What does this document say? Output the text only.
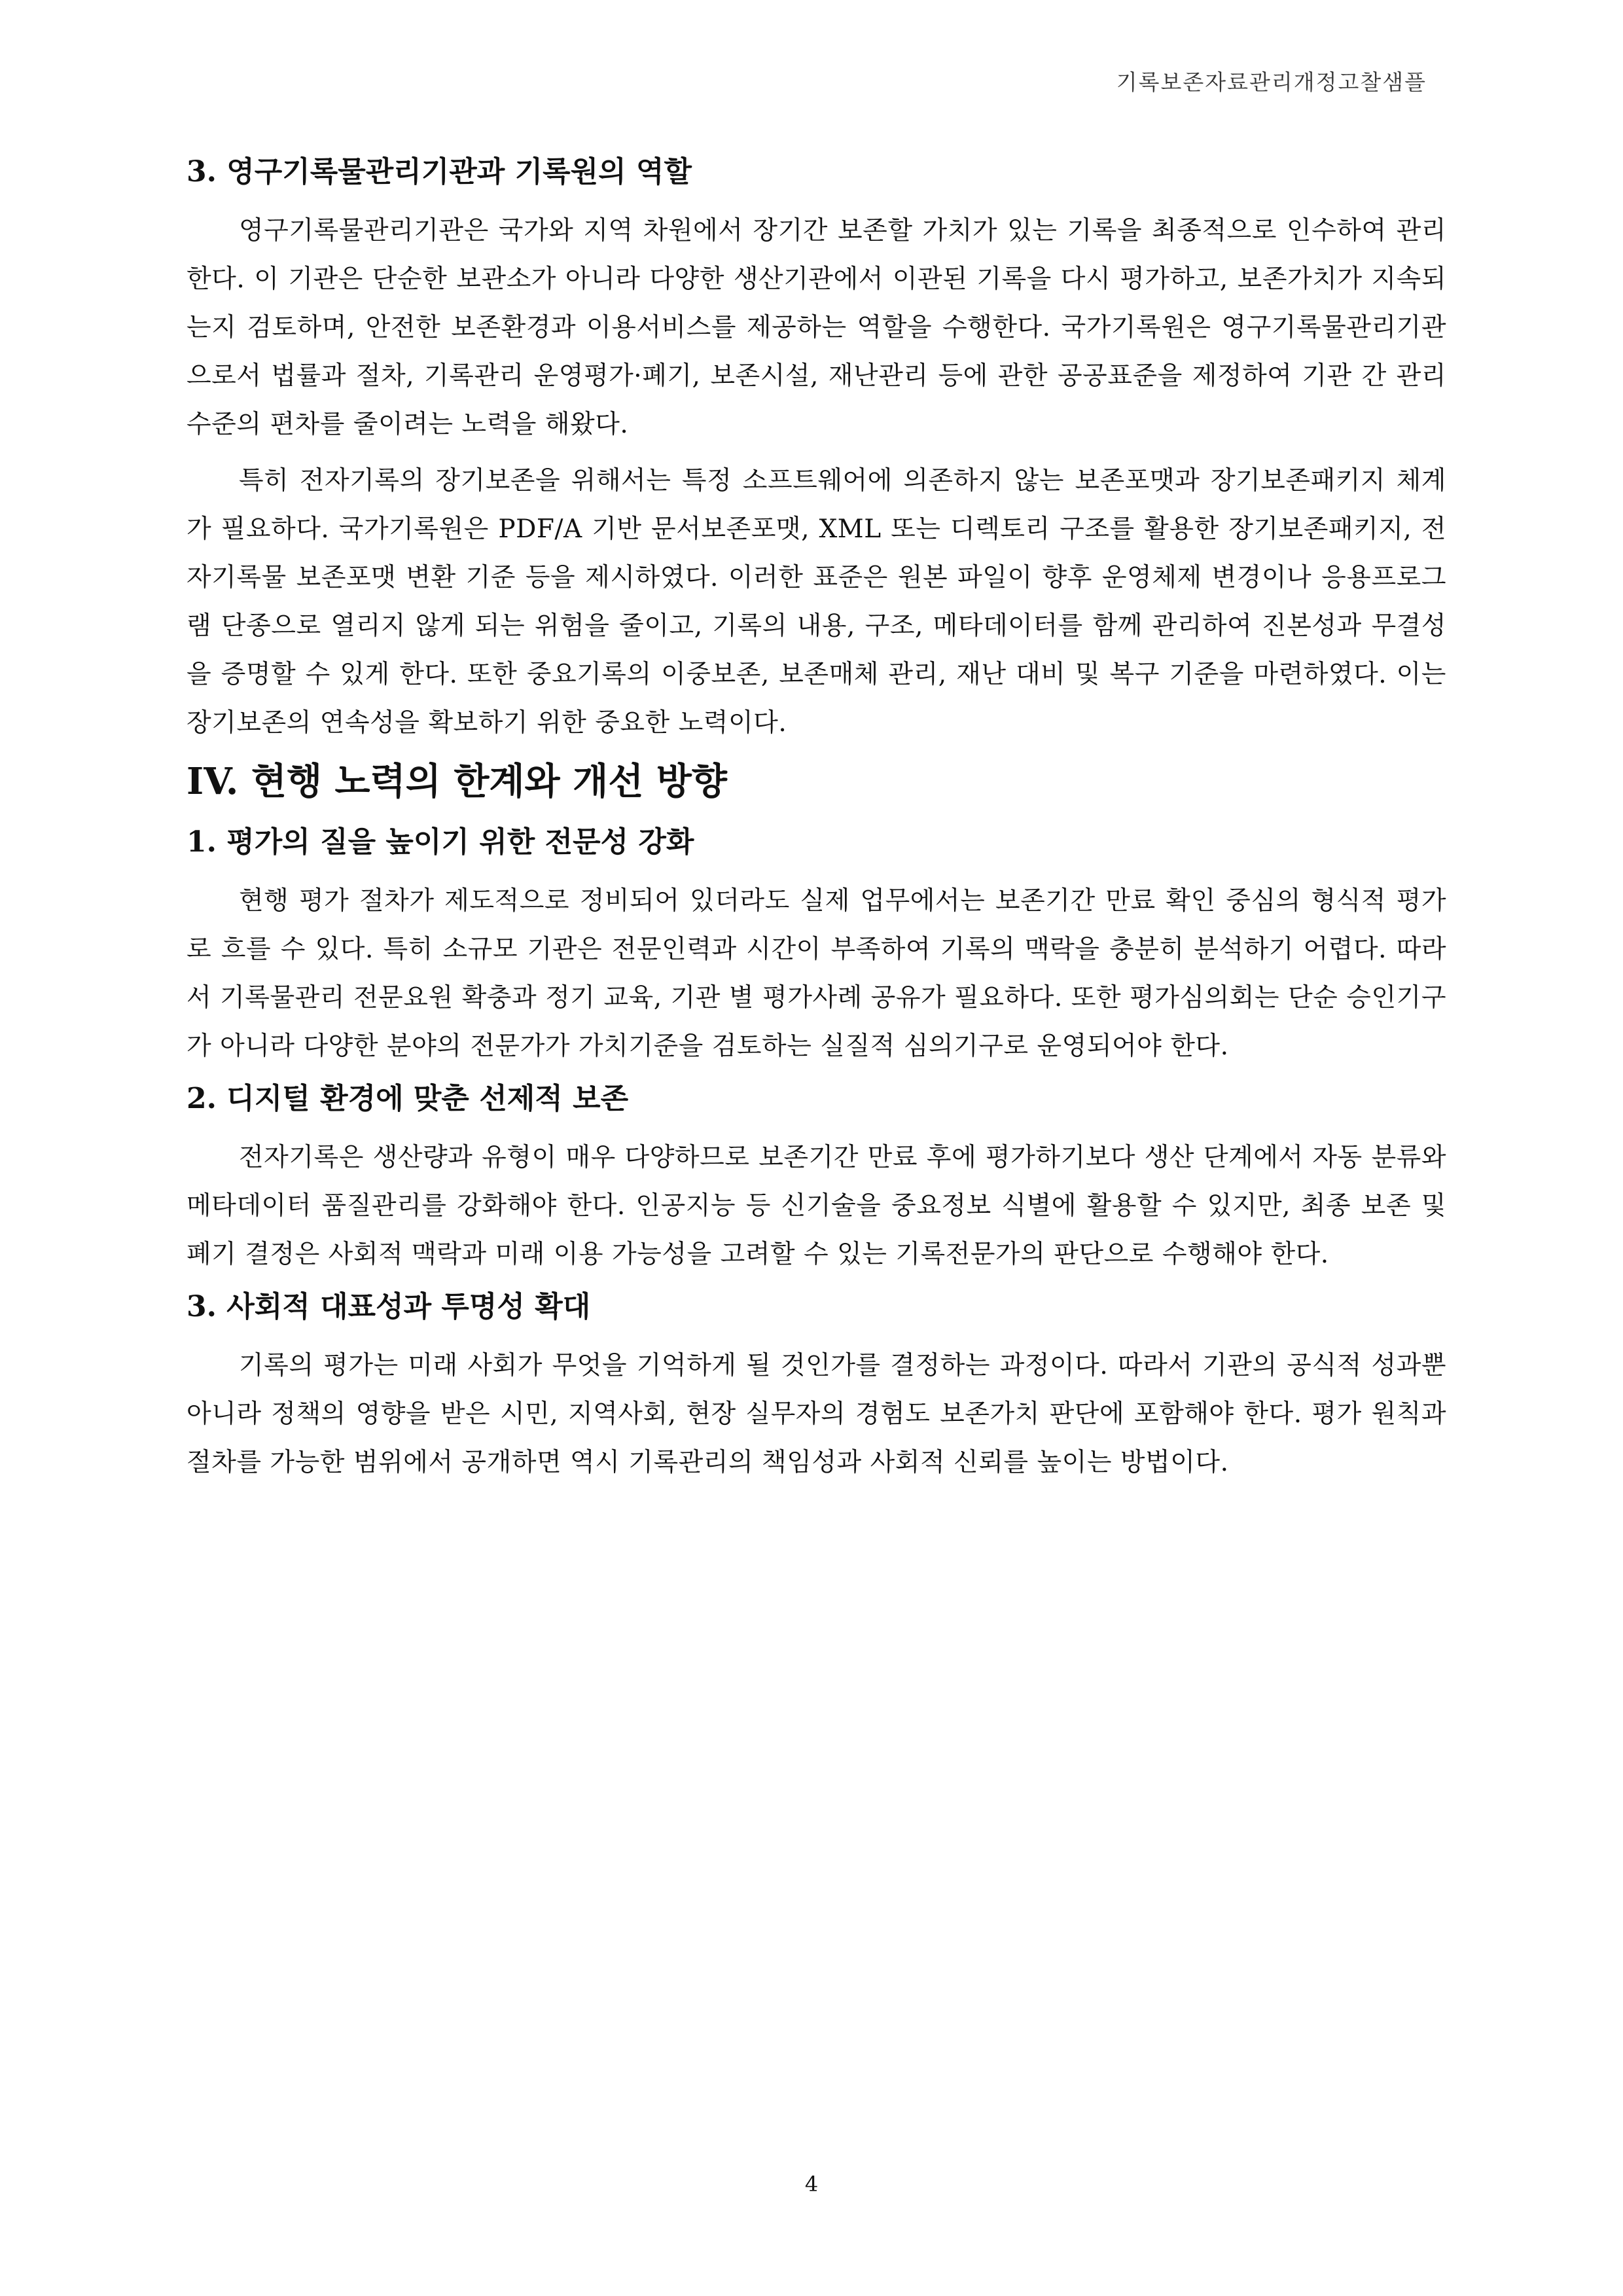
기록보존자료관리개정고찰샘플
3. 영구기록물관리기관과 기록원의 역할

영구기록물관리기관은 국가와 지역 차원에서 장기간 보존할 가치가 있는 기록을 최종적으로 인수하여 관리한다. 이 기관은 단순한 보관소가 아니라 다양한 생산기관에서 이관된 기록을 다시 평가하고, 보존가치가 지속되는지 검토하며, 안전한 보존환경과 이용서비스를 제공하는 역할을 수행한다. 국가기록원은 영구기록물관리기관으로서 법률과 절차, 기록관리 운영평가·폐기, 보존시설, 재난관리 등에 관한 공공표준을 제정하여 기관 간 관리수준의 편차를 줄이려는 노력을 해왔다.

특히 전자기록의 장기보존을 위해서는 특정 소프트웨어에 의존하지 않는 보존포맷과 장기보존패키지 체계가 필요하다. 국가기록원은 PDF/A 기반 문서보존포맷, XML 또는 디렉토리 구조를 활용한 장기보존패키지, 전자기록물 보존포맷 변환 기준 등을 제시하였다. 이러한 표준은 원본 파일이 향후 운영체제 변경이나 응용프로그램 단종으로 열리지 않게 되는 위험을 줄이고, 기록의 내용, 구조, 메타데이터를 함께 관리하여 진본성과 무결성을 증명할 수 있게 한다. 또한 중요기록의 이중보존, 보존매체 관리, 재난 대비 및 복구 기준을 마련하였다. 이는 장기보존의 연속성을 확보하기 위한 중요한 노력이다.

IV. 현행 노력의 한계와 개선 방향
1. 평가의 질을 높이기 위한 전문성 강화

현행 평가 절차가 제도적으로 정비되어 있더라도 실제 업무에서는 보존기간 만료 확인 중심의 형식적 평가로 흐를 수 있다. 특히 소규모 기관은 전문인력과 시간이 부족하여 기록의 맥락을 충분히 분석하기 어렵다. 따라서 기록물관리 전문요원 확충과 정기 교육, 기관 별 평가사례 공유가 필요하다. 또한 평가심의회는 단순 승인기구가 아니라 다양한 분야의 전문가가 가치기준을 검토하는 실질적 심의기구로 운영되어야 한다.

2. 디지털 환경에 맞춘 선제적 보존

전자기록은 생산량과 유형이 매우 다양하므로 보존기간 만료 후에 평가하기보다 생산 단계에서 자동 분류와 메타데이터 품질관리를 강화해야 한다. 인공지능 등 신기술을 중요정보 식별에 활용할 수 있지만, 최종 보존 및 폐기 결정은 사회적 맥락과 미래 이용 가능성을 고려할 수 있는 기록전문가의 판단으로 수행해야 한다.

3. 사회적 대표성과 투명성 확대

기록의 평가는 미래 사회가 무엇을 기억하게 될 것인가를 결정하는 과정이다. 따라서 기관의 공식적 성과뿐 아니라 정책의 영향을 받은 시민, 지역사회, 현장 실무자의 경험도 보존가치 판단에 포함해야 한다. 평가 원칙과 절차를 가능한 범위에서 공개하면 역시 기록관리의 책임성과 사회적 신뢰를 높이는 방법이다.

4
